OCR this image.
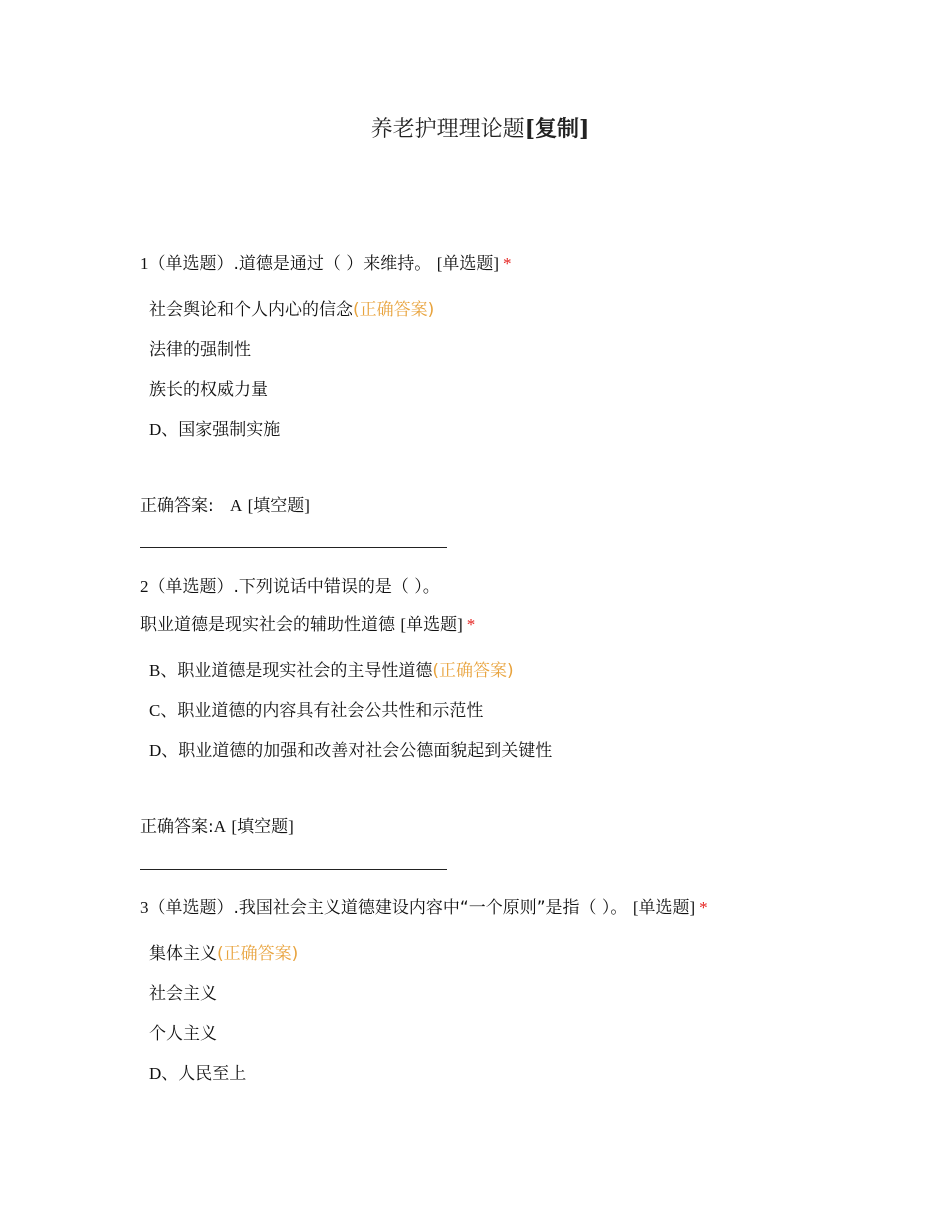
养老护理理论题[复制]
1（单选题）.道德是通过（ ）来维持。 [单选题] *
社会舆论和个人内心的信念(正确答案)
法律的强制性
族长的权威力量
D、国家强制实施
正确答案: A [填空题]
2（单选题）.下列说话中错误的是（ ）。
职业道德是现实社会的辅助性道德 [单选题] *
B、职业道德是现实社会的主导性道德(正确答案)
C、职业道德的内容具有社会公共性和示范性
D、职业道德的加强和改善对社会公德面貌起到关键性
正确答案:A [填空题]
3（单选题）.我国社会主义道德建设内容中“一个原则”是指（ ）。 [单选题] *
集体主义(正确答案)
社会主义
个人主义
D、人民至上
